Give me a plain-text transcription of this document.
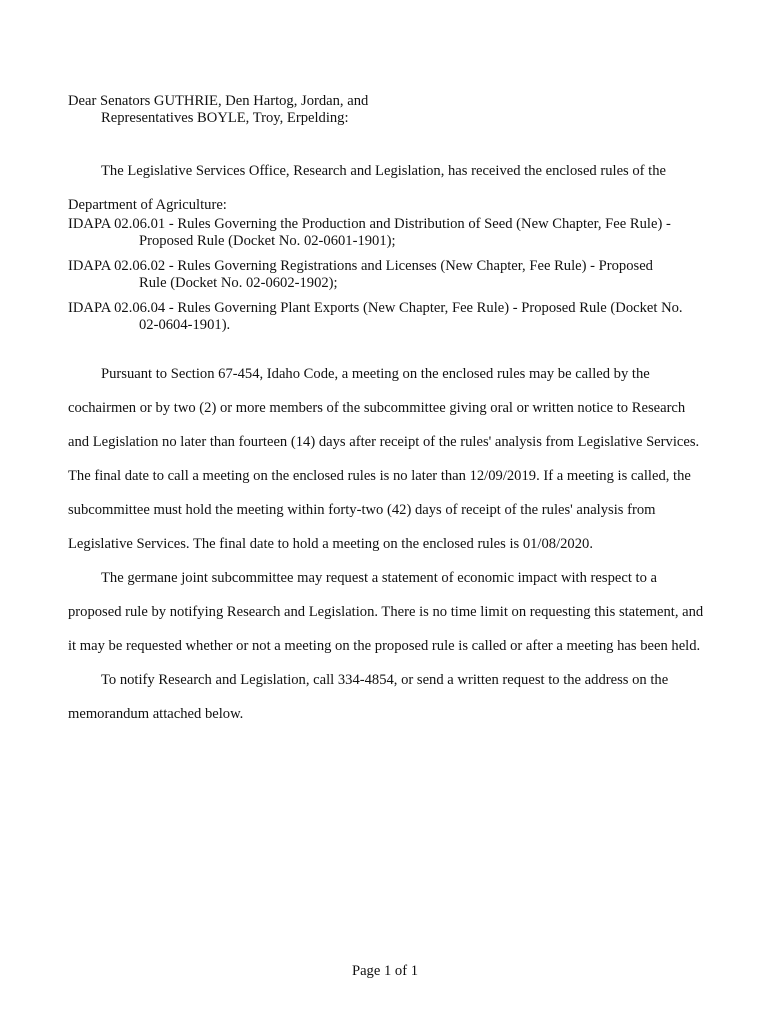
Dear Senators GUTHRIE, Den Hartog, Jordan, and
Representatives BOYLE, Troy, Erpelding:
The Legislative Services Office, Research and Legislation, has received the enclosed rules of the Department of Agriculture:
IDAPA 02.06.01 - Rules Governing the Production and Distribution of Seed (New Chapter, Fee Rule) - Proposed Rule (Docket No. 02-0601-1901);
IDAPA 02.06.02 - Rules Governing Registrations and Licenses (New Chapter, Fee Rule) - Proposed Rule (Docket No. 02-0602-1902);
IDAPA 02.06.04 - Rules Governing Plant Exports (New Chapter, Fee Rule) - Proposed Rule (Docket No. 02-0604-1901).

Pursuant to Section 67-454, Idaho Code, a meeting on the enclosed rules may be called by the cochairmen or by two (2) or more members of the subcommittee giving oral or written notice to Research and Legislation no later than fourteen (14) days after receipt of the rules' analysis from Legislative Services. The final date to call a meeting on the enclosed rules is no later than 12/09/2019. If a meeting is called, the subcommittee must hold the meeting within forty-two (42) days of receipt of the rules' analysis from Legislative Services. The final date to hold a meeting on the enclosed rules is 01/08/2020.

The germane joint subcommittee may request a statement of economic impact with respect to a proposed rule by notifying Research and Legislation. There is no time limit on requesting this statement, and it may be requested whether or not a meeting on the proposed rule is called or after a meeting has been held.

To notify Research and Legislation, call 334-4854, or send a written request to the address on the memorandum attached below.

Page 1 of 1
